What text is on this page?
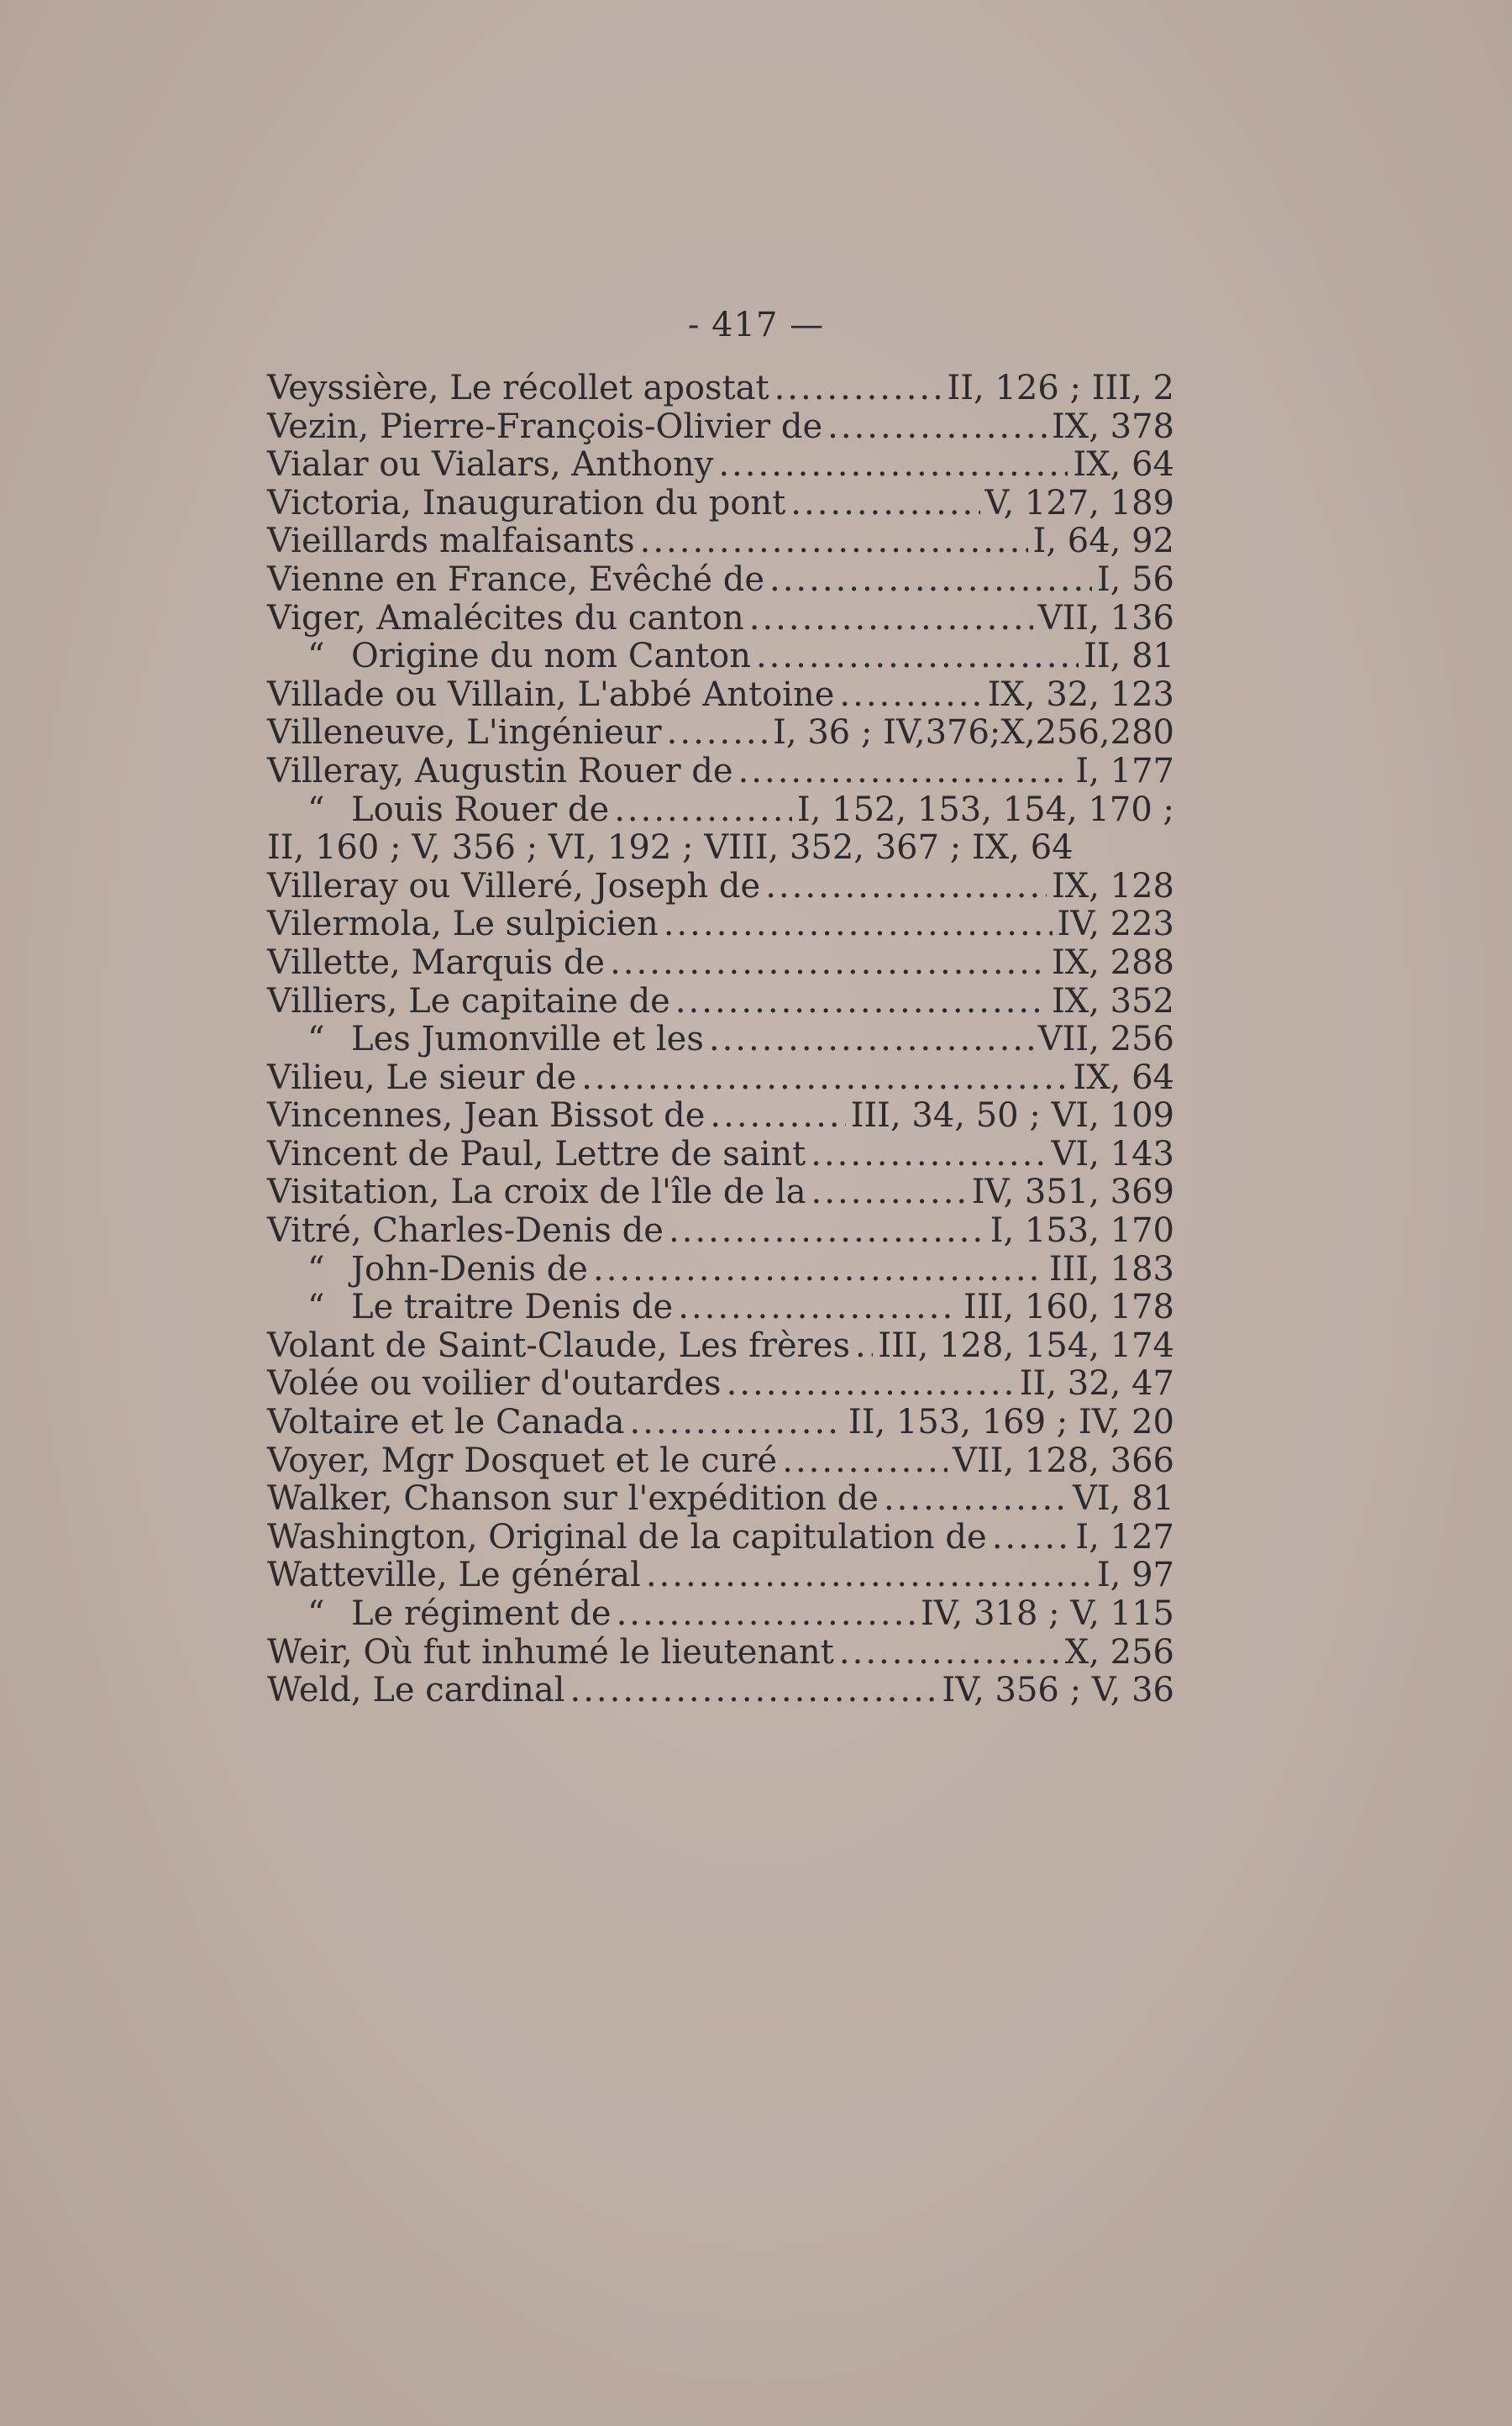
- 417 —
Veyssière, Le récollet apostat .....	II, 126 ; III, 2
Vezin, Pierre-François-Olivier de .....	IX, 378
Vialar ou Vialars, Anthony .....	IX, 64
Victoria, Inauguration du pont .....	V, 127, 189
Vieillards malfaisants .....	I, 64, 92
Vienne en France, Evêché de .....	I, 56
Viger, Amalécites du canton .....	VII, 136
“ Origine du nom Canton .....	II, 81
Villade ou Villain, L'abbé Antoine .....	IX, 32, 123
Villeneuve, L'ingénieur .....	I, 36 ; IV,376;X,256,280
Villeray, Augustin Rouer de .....	I, 177
“ Louis Rouer de .....	I, 152, 153, 154, 170 ;
II, 160 ; V, 356 ; VI, 192 ; VIII, 352, 367 ; IX, 64
Villeray ou Villeré, Joseph de .....	IX, 128
Vilermola, Le sulpicien .....	IV, 223
Villette, Marquis de .....	IX, 288
Villiers, Le capitaine de .....	IX, 352
“ Les Jumonville et les .....	VII, 256
Vilieu, Le sieur de .....	IX, 64
Vincennes, Jean Bissot de .....	III, 34, 50 ; VI, 109
Vincent de Paul, Lettre de saint .....	VI, 143
Visitation, La croix de l'île de la .....	IV, 351, 369
Vitré, Charles-Denis de .....	I, 153, 170
“ John-Denis de .....	III, 183
“ Le traitre Denis de .....	III, 160, 178
Volant de Saint-Claude, Les frères ..... III, 128, 154, 174
Volée ou voilier d'outardes .....	II, 32, 47
Voltaire et le Canada .....	II, 153, 169 ; IV, 20
Voyer, Mgr Dosquet et le curé .....	VII, 128, 366
Walker, Chanson sur l'expédition de .....	VI, 81
Washington, Original de la capitulation de .....	I, 127
Watteville, Le général .....	I, 97
“ Le régiment de .....	IV, 318 ; V, 115
Weir, Où fut inhumé le lieutenant .....	X, 256
Weld, Le cardinal .....	IV, 356 ; V, 36
